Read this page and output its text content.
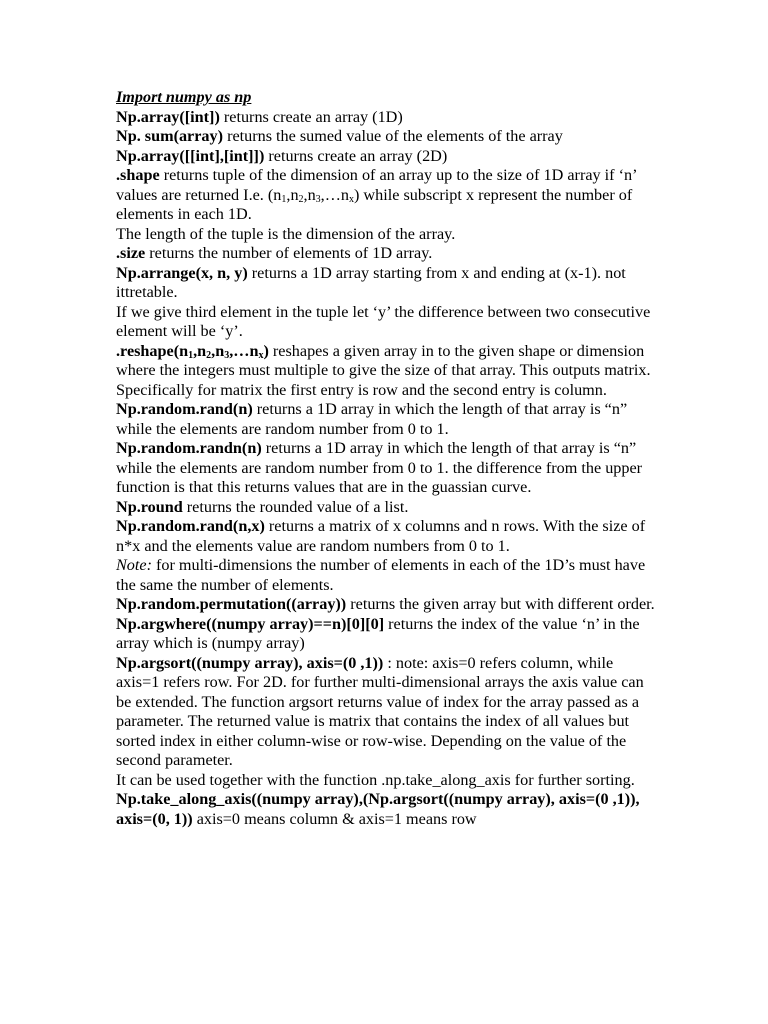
Import numpy as np

Np.array([int]) returns create an array (1D)

Np. sum(array) returns the sumed value of the elements of the array

Np.array([[int],[int]]) returns create an array (2D)

.shape returns tuple of the dimension of an array up to the size of 1D array if ‘n’ values are returned I.e. $(n_1,n_2,n_3,\dots n_x)$ while subscript x represent the number of elements in each 1D.

The length of the tuple is the dimension of the array.

.size returns the number of elements of 1D array.

Np.arrange(x, n, y) returns a 1D array starting from x and ending at (x-1). not ittretable.

If we give third element in the tuple let ‘y’ the difference between two consecutive element will be ‘y’.

$.reshape(n_1,n_2,n_3,\dots n_x)$ reshapes a given array in to the given shape or dimension where the integers must multiple to give the size of that array. This outputs matrix.

Specifically for matrix the first entry is row and the second entry is column.

Np.random.rand(n) returns a 1D array in which the length of that array is “n” while the elements are random number from 0 to 1.

Np.random.randn(n) returns a 1D array in which the length of that array is “n” while the elements are random number from 0 to 1. the difference from the upper function is that this returns values that are in the guassian curve.

Np.round returns the rounded value of a list.

Np.random.rand(n,x) returns a matrix of x columns and n rows. With the size of n*x and the elements value are random numbers from 0 to 1.

Note: for multi-dimensions the number of elements in each of the 1D’s must have the same the number of elements.

Np.random.permutation((array)) returns the given array but with different order.

Np.argwhere((numpy array)==n)[0][0] returns the index of the value ‘n’ in the array which is (numpy array)

Np.argsort((numpy array), axis=(0 ,1)) : note: axis=0 refers column, while axis=1 refers row. For 2D. for further multi-dimensional arrays the axis value can be extended. The function argsort returns value of index for the array passed as a parameter. The returned value is matrix that contains the index of all values but sorted index in either column-wise or row-wise. Depending on the value of the second parameter.

It can be used together with the function .np.take_along_axis for further sorting.

Np.take_along_axis((numpy array),(Np.argsort((numpy array), axis=(0 ,1)), axis=(0, 1)) axis=0 means column & axis=1 means row
